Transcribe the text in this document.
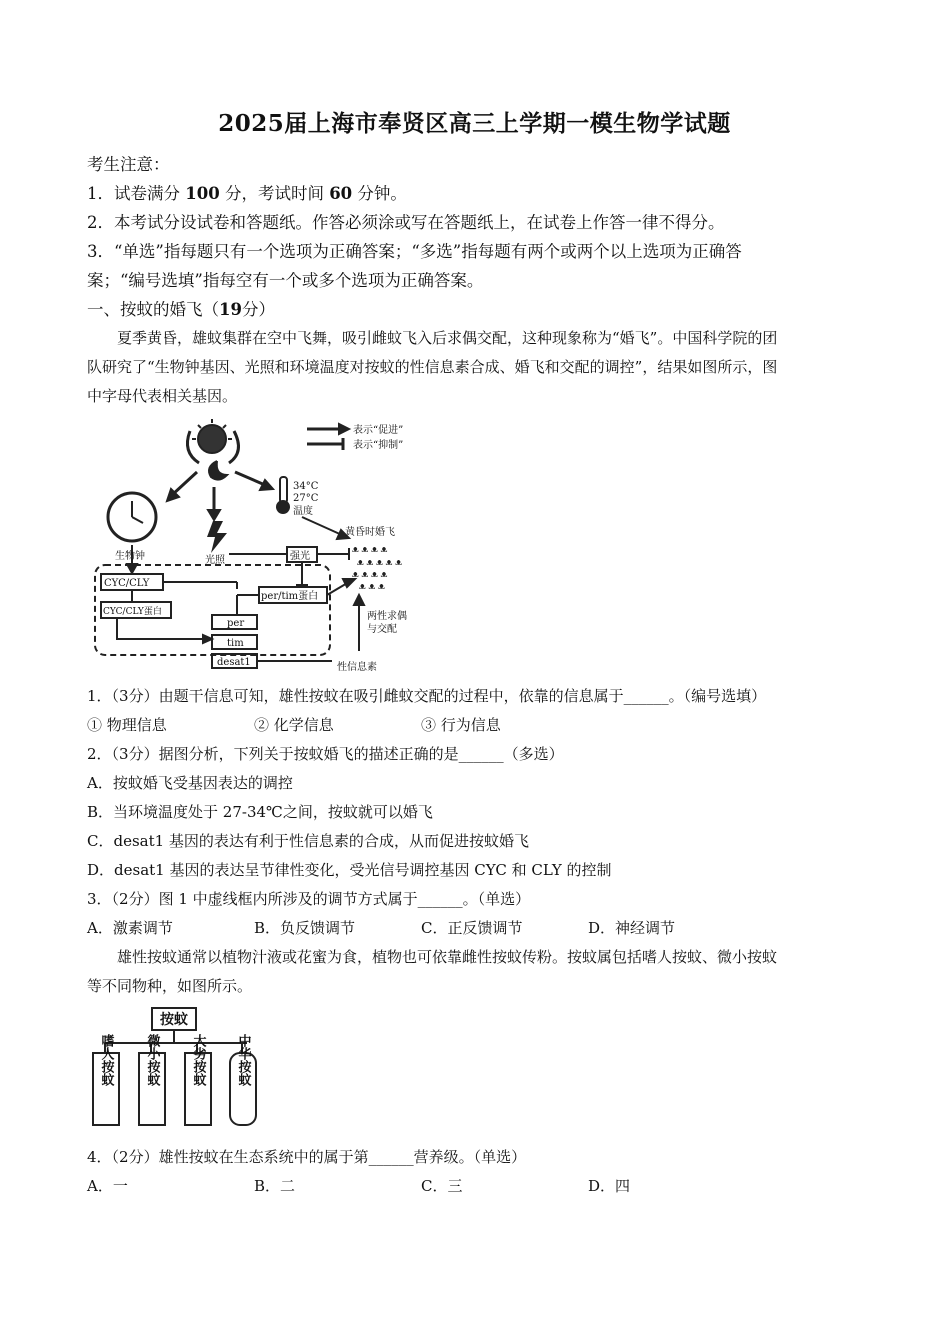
2025届上海市奉贤区高三上学期一模生物学试题

考生注意：

1．试卷满分 100 分，考试时间 60 分钟。

2．本考试分设试卷和答题纸。作答必须涂或写在答题纸上，在试卷上作答一律不得分。

3．“单选”指每题只有一个选项为正确答案；“多选”指每题有两个或两个以上选项为正确答

案；“编号选填”指每空有一个或多个选项为正确答案。

一、按蚊的婚飞（19分）

夏季黄昏，雄蚊集群在空中飞舞，吸引雌蚊飞入后求偶交配，这种现象称为“婚飞”。中国科学院的团

队研究了“生物钟基因、光照和环境温度对按蚊的性信息素合成、婚飞和交配的调控”，结果如图所示，图

中字母代表相关基因。

ᴥ ᴥ ᴥ ᴥ
ᴥ ᴥ ᴥ ᴥ ᴥ
ᴥ ᴥ ᴥ ᴥ
ᴥ ᴥ ᴥ
表示“促进”
表示“抑制”
34°C
27°C
温度
生物钟	光照	强光
黄昏时婚飞
CYC/CLY
CYC/CLY蛋白
per/tim蛋白
per
tim
desat1
两性求偶
与交配
性信息素

1．（3分）由题干信息可知，雄性按蚊在吸引雌蚊交配的过程中，依靠的信息属于______。（编号选填）

① 物理信息	② 化学信息	③ 行为信息

2．（3分）据图分析，下列关于按蚊婚飞的描述正确的是______（多选）

A．按蚊婚飞受基因表达的调控

B．当环境温度处于 27-34℃之间，按蚊就可以婚飞

C．desat1 基因的表达有利于性信息素的合成，从而促进按蚊婚飞

D．desat1 基因的表达呈节律性变化，受光信号调控基因 CYC 和 CLY 的控制

3．（2分）图 1 中虚线框内所涉及的调节方式属于______。（单选）

A．激素调节	B．负反馈调节	C．正反馈调节	D．神经调节

雄性按蚊通常以植物汁液或花蜜为食，植物也可依靠雌性按蚊传粉。按蚊属包括嗜人按蚊、微小按蚊

等不同物种，如图所示。

按蚊
嗜人按蚊 微小按蚊 大劣按蚊 中华按蚊

4．（2分）雄性按蚊在生态系统中的属于第______营养级。（单选）

A．一	B．二	C．三	D．四
